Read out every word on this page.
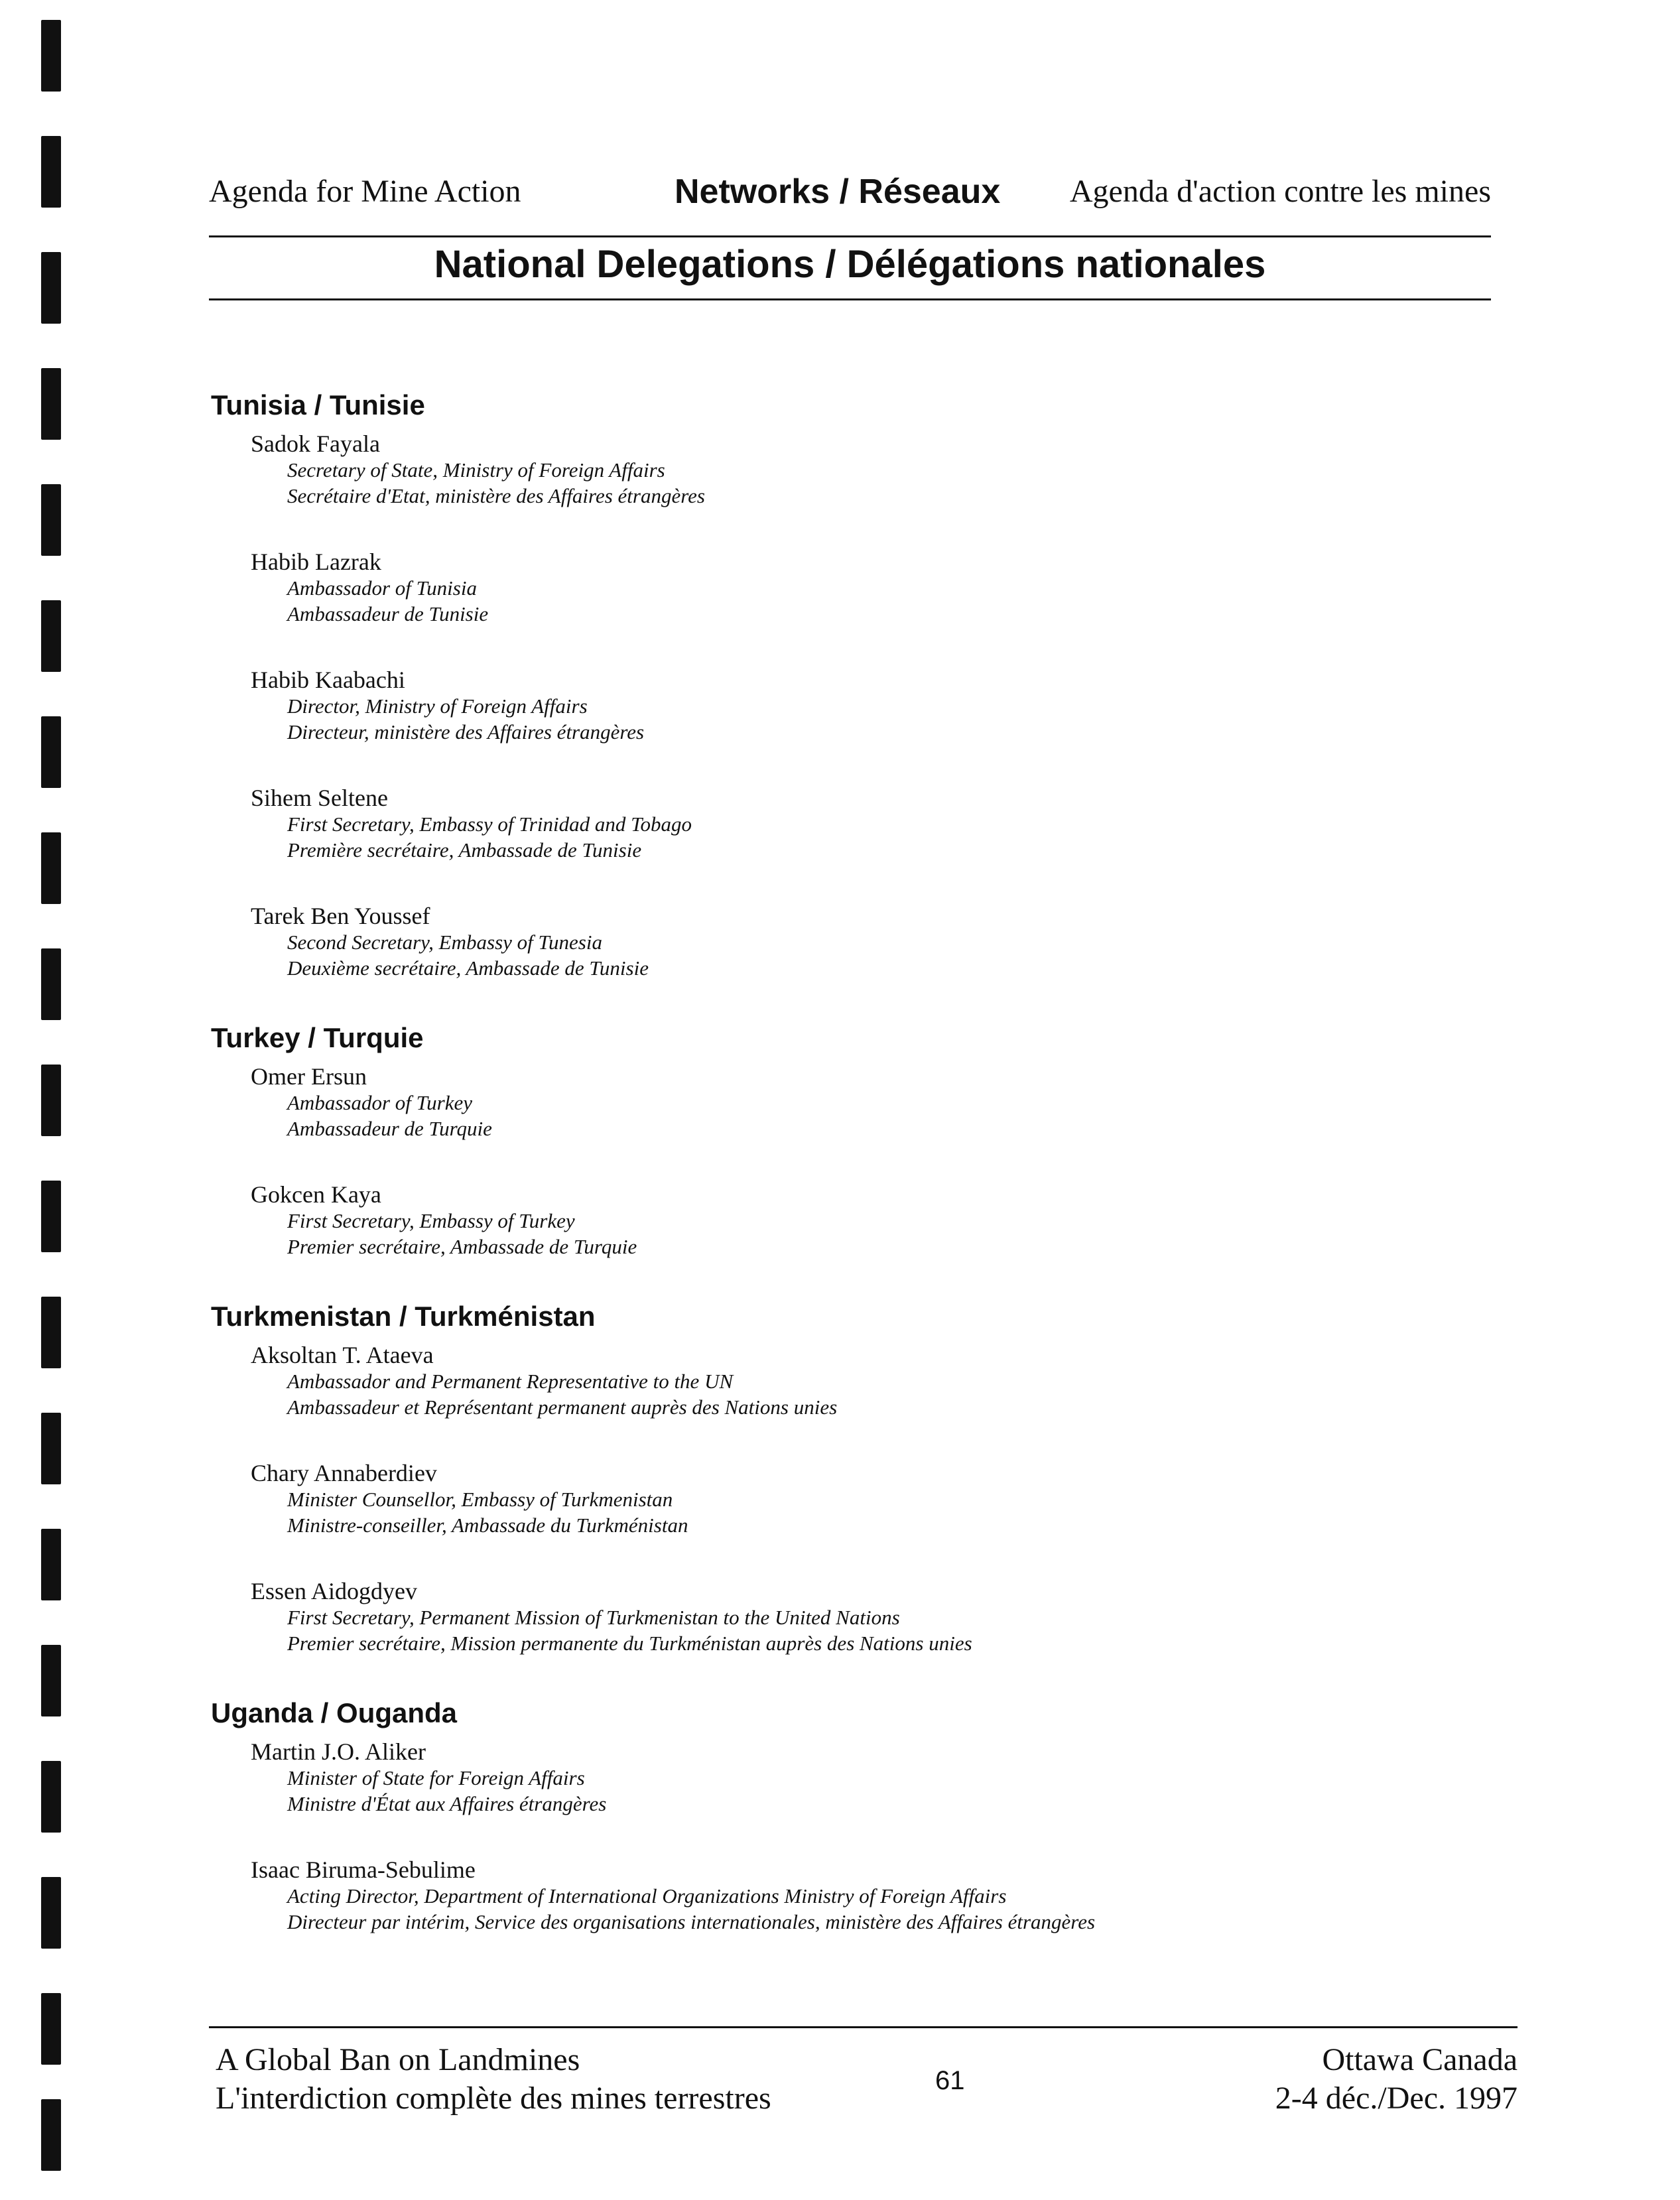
Agenda for Mine Action	Networks / Réseaux Agenda d'action contre les mines
National Delegations / Délégations nationales
Tunisia / Tunisie
Sadok Fayala
Secretary of State, Ministry of Foreign Affairs
Secrétaire d'Etat, ministère des Affaires étrangères
Habib Lazrak
Ambassador of Tunisia
Ambassadeur de Tunisie
Habib Kaabachi
Director, Ministry of Foreign Affairs
Directeur, ministère des Affaires étrangères
Sihem Seltene
First Secretary, Embassy of Trinidad and Tobago
Première secrétaire, Ambassade de Tunisie
Tarek Ben Youssef
Second Secretary, Embassy of Tunesia
Deuxième secrétaire, Ambassade de Tunisie
Turkey / Turquie
Omer Ersun
Ambassador of Turkey
Ambassadeur de Turquie
Gokcen Kaya
First Secretary, Embassy of Turkey
Premier secrétaire, Ambassade de Turquie
Turkmenistan / Turkménistan
Aksoltan T. Ataeva
Ambassador and Permanent Representative to the UN
Ambassadeur et Représentant permanent auprès des Nations unies
Chary Annaberdiev
Minister Counsellor, Embassy of Turkmenistan
Ministre-conseiller, Ambassade du Turkménistan
Essen Aidogdyev
First Secretary, Permanent Mission of Turkmenistan to the United Nations
Premier secrétaire, Mission permanente du Turkménistan auprès des Nations unies
Uganda / Ouganda
Martin J.O. Aliker
Minister of State for Foreign Affairs
Ministre d'État aux Affaires étrangères
Isaac Biruma-Sebulime
Acting Director, Department of International Organizations Ministry of Foreign Affairs
Directeur par intérim, Service des organisations internationales, ministère des Affaires étrangères
A Global Ban on Landmines
L'interdiction complète des mines terrestres	61
Ottawa Canada
2-4 déc./Dec. 1997
